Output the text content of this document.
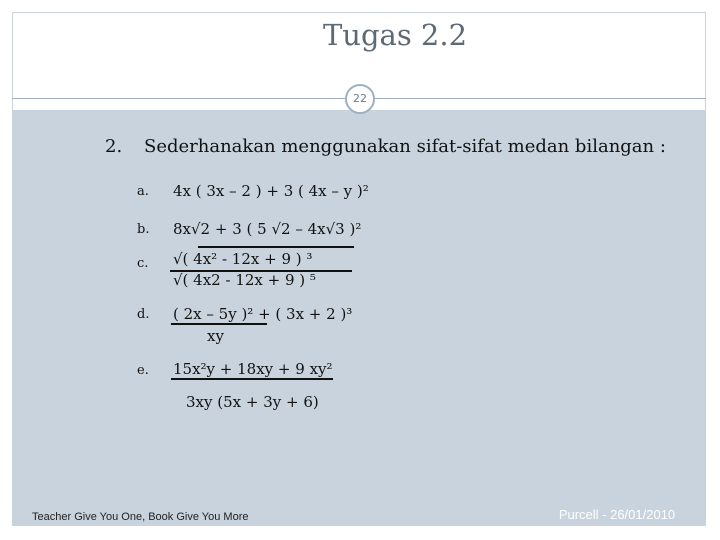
Tugas 2.2
22
2. Sederhanakan menggunakan sifat-sifat medan bilangan :
a. 4x ( 3x – 2 ) + 3 ( 4x – y )²
b. 8x√2 + 3 ( 5 √2 – 4x√3 )²
c. √( 4x² - 12x + 9 ) ³
√( 4x2 - 12x + 9 ) ⁵
d. ( 2x – 5y )² + ( 3x + 2 )³
xy
e. 15x²y + 18xy + 9 xy²
3xy (5x + 3y + 6)
Teacher Give You One, Book Give You More	Purcell - 26/01/2010
